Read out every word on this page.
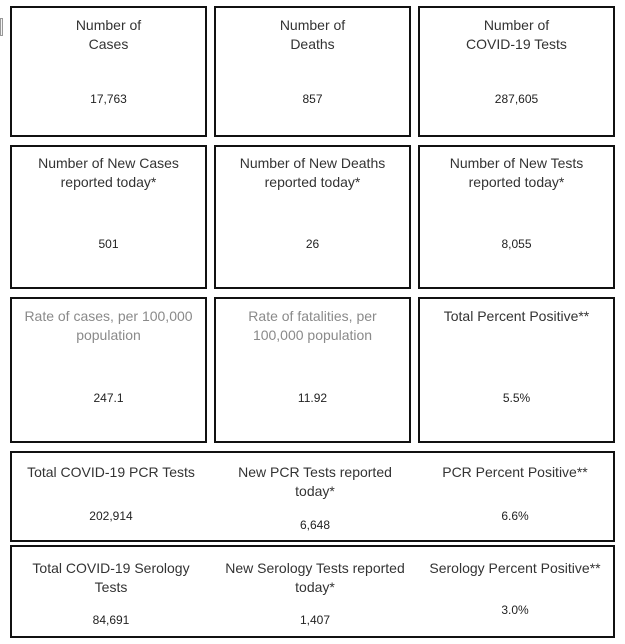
Number of
Cases
17,763
Number of
Deaths
857
Number of
COVID-19 Tests
287,605
Number of New Cases
reported today*
501
Number of New Deaths
reported today*
26
Number of New Tests
reported today*
8,055
Rate of cases, per 100,000
population
247.1
Rate of fatalities, per
100,000 population
11.92
Total Percent Positive**
5.5%
Total COVID-19 PCR Tests
202,914
New PCR Tests reported
today*
6,648
PCR Percent Positive**
6.6%
Total COVID-19 Serology
Tests
84,691
New Serology Tests reported
today*
1,407
Serology Percent Positive**
3.0%
